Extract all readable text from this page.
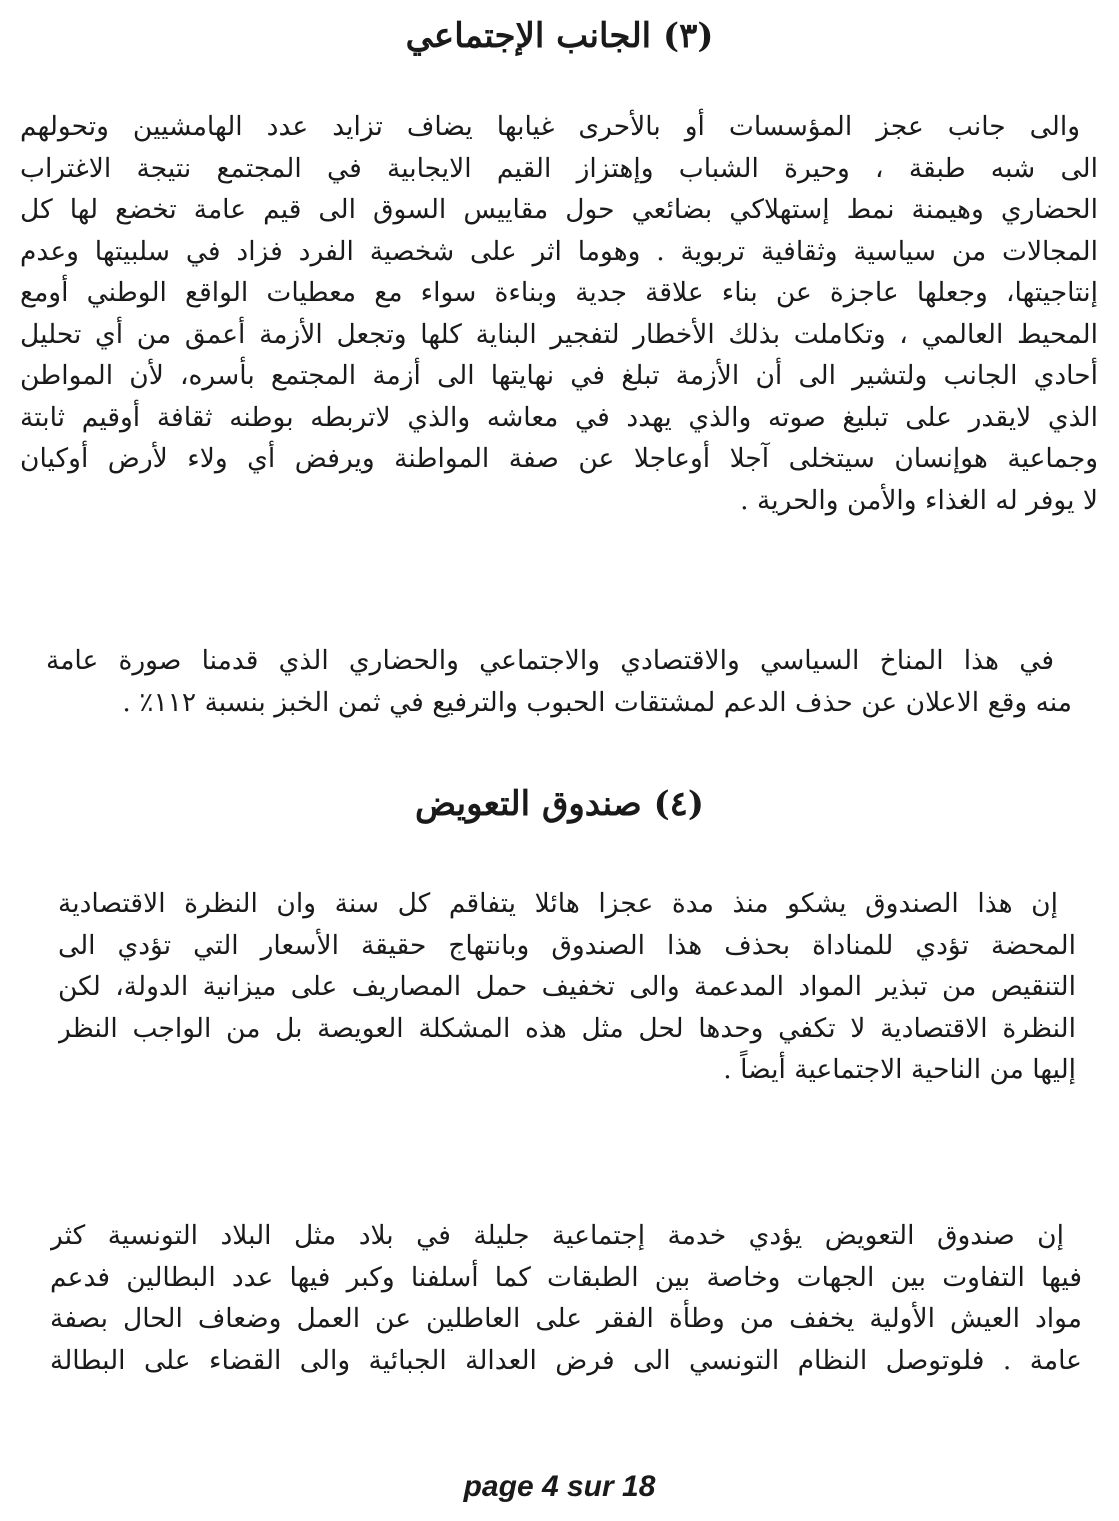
(٣) الجانب الإجتماعي

والى جانب عجز المؤسسات أو بالأحرى غيابها يضاف تزايد عدد الهامشيين وتحولهم
الى شبه طبقة ، وحيرة الشباب وإهتزاز القيم الايجابية في المجتمع نتيجة الاغتراب
الحضاري وهيمنة نمط إستهلاكي بضائعي حول مقاييس السوق الى قيم عامة تخضع لها كل
المجالات من سياسية وثقافية تربوية . وهوما اثر على شخصية الفرد فزاد في سلبيتها وعدم
إنتاجيتها، وجعلها عاجزة عن بناء علاقة جدية وبناءة سواء مع معطيات الواقع الوطني أومع
المحيط العالمي ، وتكاملت بذلك الأخطار لتفجير البناية كلها وتجعل الأزمة أعمق من أي تحليل
أحادي الجانب ولتشير الى أن الأزمة تبلغ في نهايتها الى أزمة المجتمع بأسره، لأن المواطن
الذي لايقدر على تبليغ صوته والذي يهدد في معاشه والذي لاتربطه بوطنه ثقافة أوقيم ثابتة
وجماعية هوإنسان سيتخلى آجلا أوعاجلا عن صفة المواطنة ويرفض أي ولاء لأرض أوكيان
لا يوفر له الغذاء والأمن والحرية .

في هذا المناخ السياسي والاقتصادي والاجتماعي والحضاري الذي قدمنا صورة عامة
منه وقع الاعلان عن حذف الدعم لمشتقات الحبوب والترفيع في ثمن الخبز بنسبة ١١٢٪ .

(٤) صندوق التعويض

إن هذا الصندوق يشكو منذ مدة عجزا هائلا يتفاقم كل سنة وان النظرة الاقتصادية
المحضة تؤدي للمناداة بحذف هذا الصندوق وبانتهاج حقيقة الأسعار التي تؤدي الى
التنقيص من تبذير المواد المدعمة والى تخفيف حمل المصاريف على ميزانية الدولة، لكن
النظرة الاقتصادية لا تكفي وحدها لحل مثل هذه المشكلة العويصة بل من الواجب النظر
إليها من الناحية الاجتماعية أيضاً .

إن صندوق التعويض يؤدي خدمة إجتماعية جليلة في بلاد مثل البلاد التونسية كثر
فيها التفاوت بين الجهات وخاصة بين الطبقات كما أسلفنا وكبر فيها عدد البطالين فدعم
مواد العيش الأولية يخفف من وطأة الفقر على العاطلين عن العمل وضعاف الحال بصفة
عامة . فلوتوصل النظام التونسي الى فرض العدالة الجبائية والى القضاء على البطالة

page 4 sur 18
